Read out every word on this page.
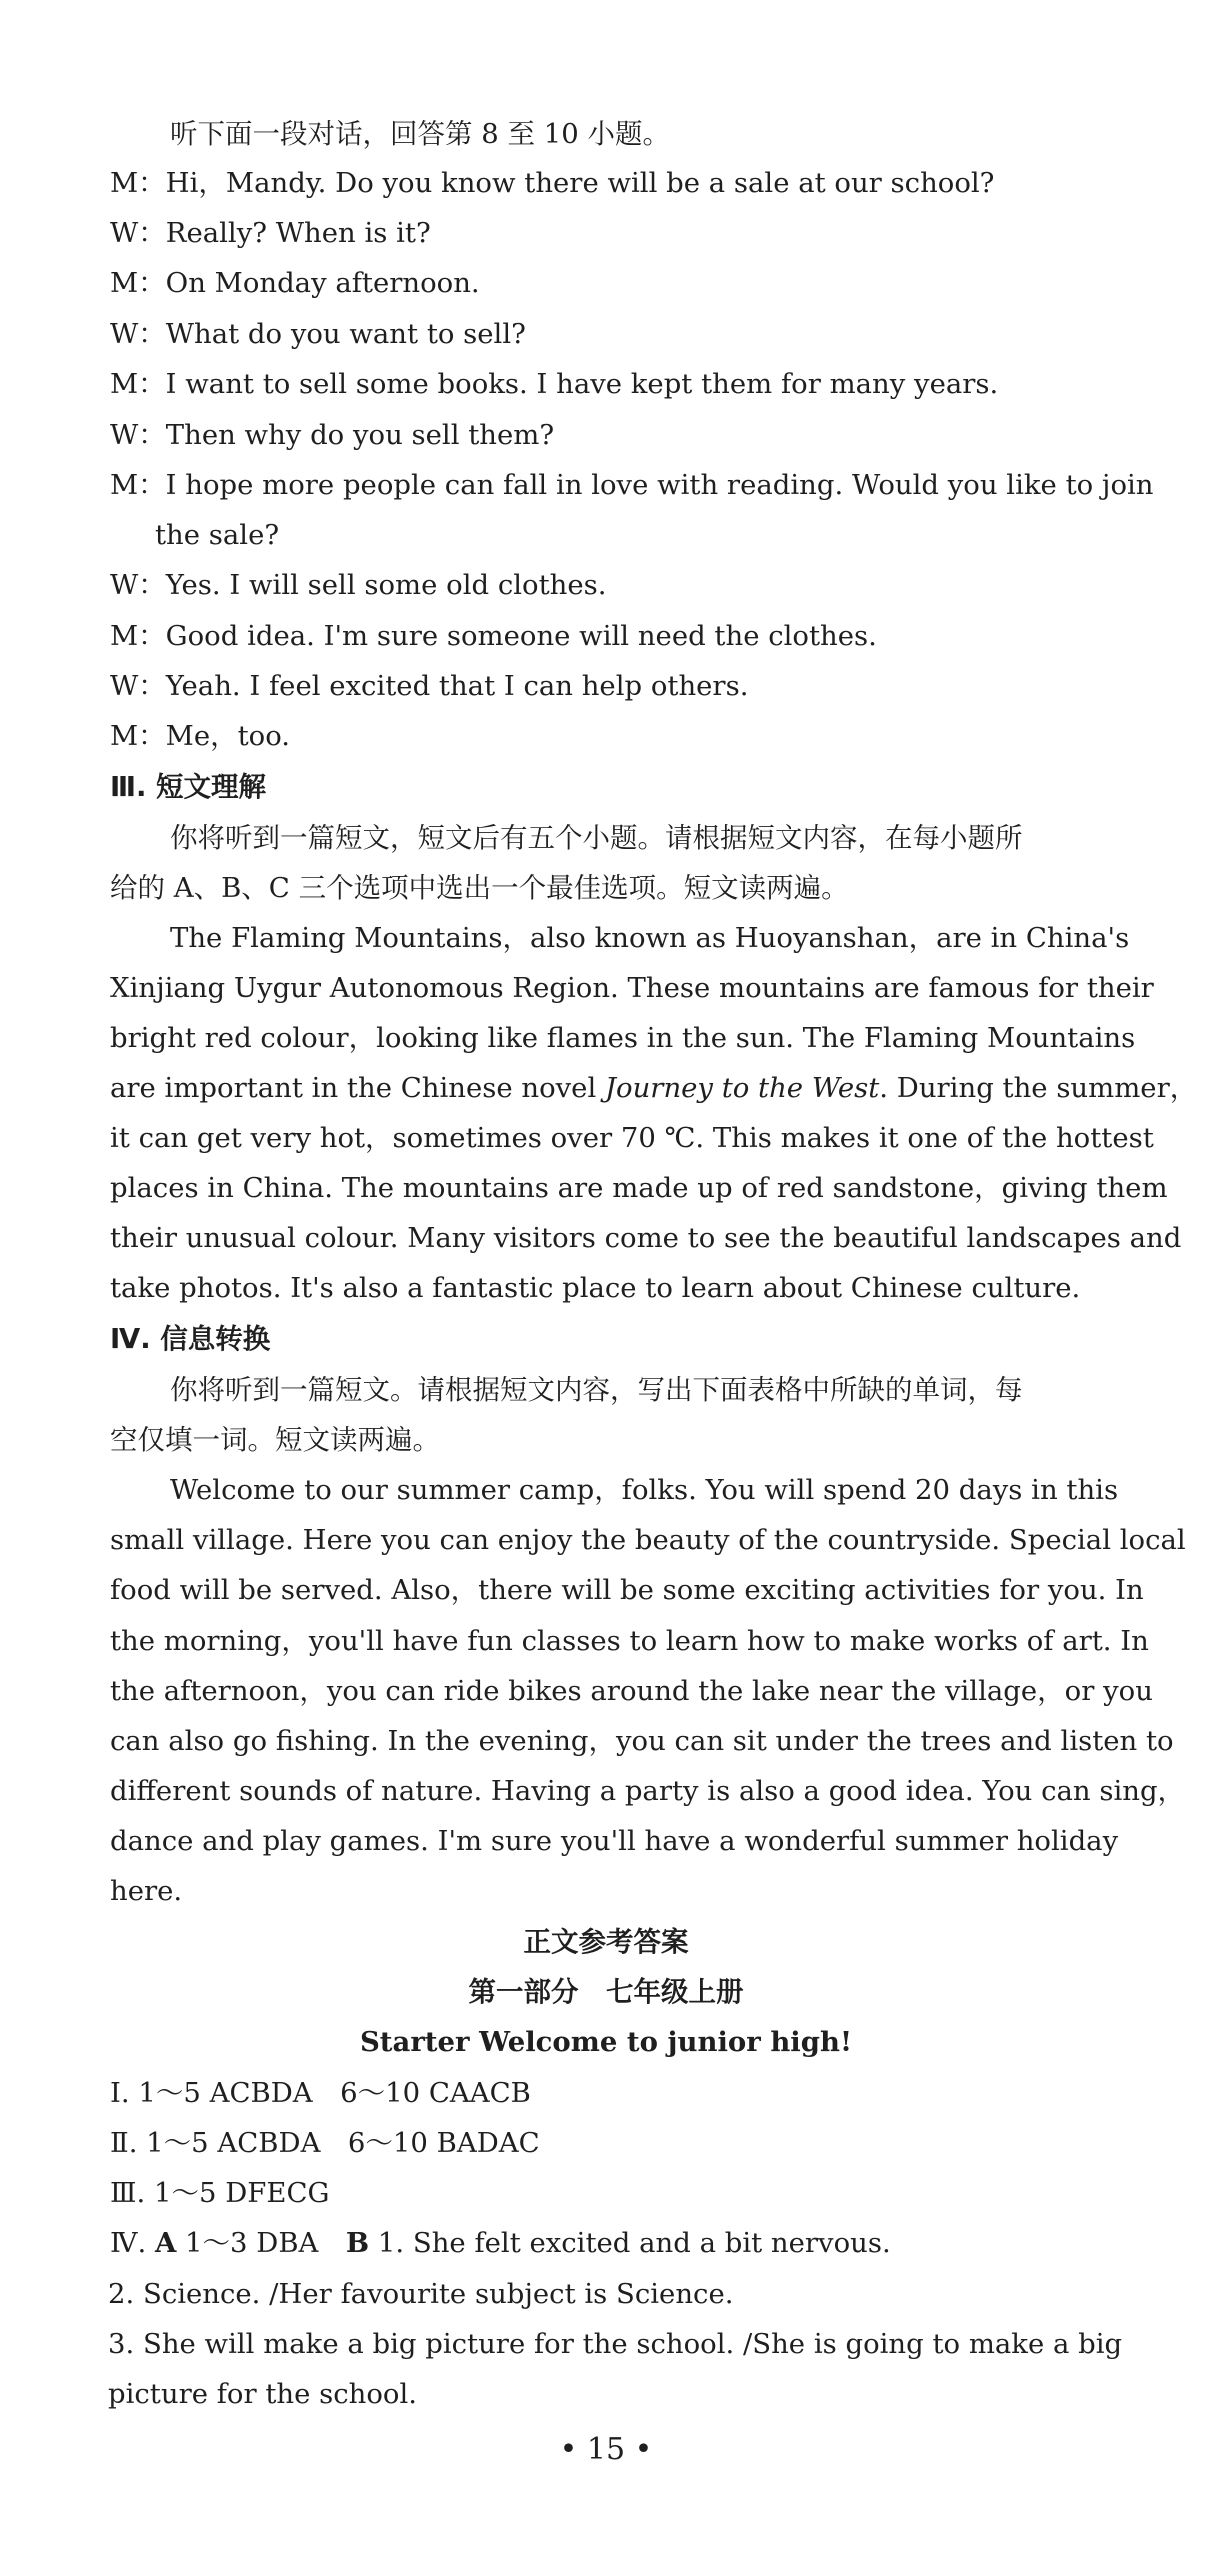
听下面一段对话，回答第 8 至 10 小题。
M：Hi，Mandy. Do you know there will be a sale at our school?
W：Really? When is it?
M：On Monday afternoon.
W：What do you want to sell?
M：I want to sell some books. I have kept them for many years.
W：Then why do you sell them?
M：I hope more people can fall in love with reading. Would you like to join
the sale?
W：Yes. I will sell some old clothes.
M：Good idea. I'm sure someone will need the clothes.
W：Yeah. I feel excited that I can help others.
M：Me，too.
Ⅲ. 短文理解
你将听到一篇短文，短文后有五个小题。请根据短文内容，在每小题所
给的 A、B、C 三个选项中选出一个最佳选项。短文读两遍。
The Flaming Mountains，also known as Huoyanshan，are in China's
Xinjiang Uygur Autonomous Region. These mountains are famous for their
bright red colour，looking like flames in the sun. The Flaming Mountains
are important in the Chinese novel Journey to the West. During the summer，
it can get very hot，sometimes over 70 ℃. This makes it one of the hottest
places in China. The mountains are made up of red sandstone，giving them
their unusual colour. Many visitors come to see the beautiful landscapes and
take photos. It's also a fantastic place to learn about Chinese culture.
Ⅳ. 信息转换
你将听到一篇短文。请根据短文内容，写出下面表格中所缺的单词，每
空仅填一词。短文读两遍。
Welcome to our summer camp，folks. You will spend 20 days in this
small village. Here you can enjoy the beauty of the countryside. Special local
food will be served. Also，there will be some exciting activities for you. In
the morning，you'll have fun classes to learn how to make works of art. In
the afternoon，you can ride bikes around the lake near the village，or you
can also go fishing. In the evening，you can sit under the trees and listen to
different sounds of nature. Having a party is also a good idea. You can sing，
dance and play games. I'm sure you'll have a wonderful summer holiday
here.
正文参考答案
第一部分　七年级上册
Starter Welcome to junior high!
Ⅰ. 1～5 ACBDA　6～10 CAACB
Ⅱ. 1～5 ACBDA　6～10 BADAC
Ⅲ. 1～5 DFECG
Ⅳ. A 1～3 DBA　B 1. She felt excited and a bit nervous.
2. Science. /Her favourite subject is Science.
3. She will make a big picture for the school. /She is going to make a big
picture for the school.
• 15 •
